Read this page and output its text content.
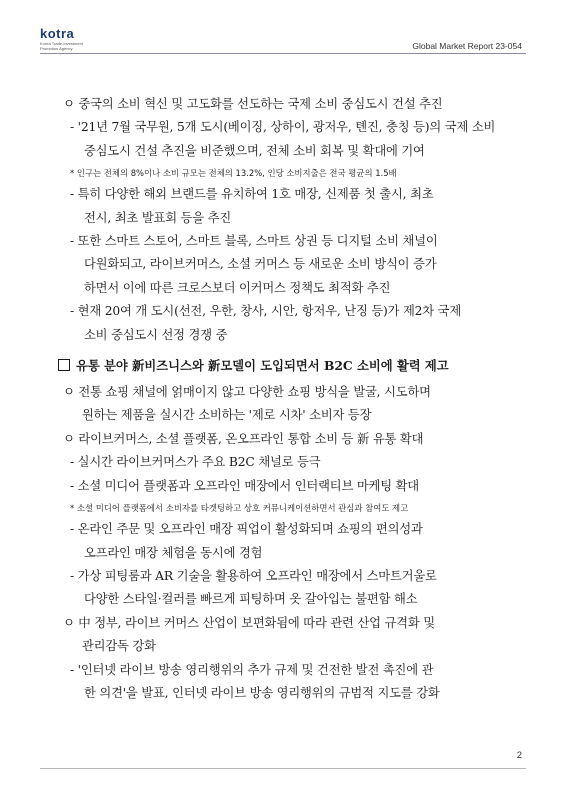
kotra
Korea Trade-Investment
Promotion Agency	Global Market Report 23-054
ㅇ 중국의 소비 혁신 및 고도화를 선도하는 국제 소비 중심도시 건설 추진
- '21년 7월 국무원, 5개 도시(베이징, 상하이, 광저우, 톈진, 충칭 등)의 국제 소비
중심도시 건설 추진을 비준했으며, 전체 소비 회복 및 확대에 기여
* 인구는 전체의 8%이나 소비 규모는 전체의 13.2%, 인당 소비지출은 전국 평균의 1.5배
- 특히 다양한 해외 브랜드를 유치하여 1호 매장, 신제품 첫 출시, 최초
전시, 최초 발표회 등을 추진
- 또한 스마트 스토어, 스마트 블록, 스마트 상권 등 디지털 소비 채널이
다원화되고, 라이브커머스, 소셜 커머스 등 새로운 소비 방식이 증가
하면서 이에 따른 크로스보더 이커머스 정책도 최적화 추진
- 현재 20여 개 도시(선전, 우한, 창사, 시안, 항저우, 난징 등)가 제2차 국제
소비 중심도시 선정 경쟁 중
유통 분야 新비즈니스와 新모델이 도입되면서 B2C 소비에 활력 제고
ㅇ 전통 쇼핑 채널에 얽매이지 않고 다양한 쇼핑 방식을 발굴, 시도하며
원하는 제품을 실시간 소비하는 '제로 시차' 소비자 등장
ㅇ 라이브커머스, 소셜 플랫폼, 온오프라인 통합 소비 등 新 유통 확대
- 실시간 라이브커머스가 주요 B2C 채널로 등극
- 소셜 미디어 플랫폼과 오프라인 매장에서 인터랙티브 마케팅 확대
* 소셜 미디어 플랫폼에서 소비자를 타겟팅하고 상호 커뮤니케이션하면서 관심과 참여도 제고
- 온라인 주문 및 오프라인 매장 픽업이 활성화되며 쇼핑의 편의성과
오프라인 매장 체험을 동시에 경험
- 가상 피팅룸과 AR 기술을 활용하여 오프라인 매장에서 스마트거울로
다양한 스타일·컬러를 빠르게 피팅하며 옷 갈아입는 불편함 해소
ㅇ 中 정부, 라이브 커머스 산업이 보편화됨에 따라 관련 산업 규격화 및
관리감독 강화
- '인터넷 라이브 방송 영리행위의 추가 규제 및 건전한 발전 촉진에 관
한 의견'을 발표, 인터넷 라이브 방송 영리행위의 규범적 지도를 강화
2
